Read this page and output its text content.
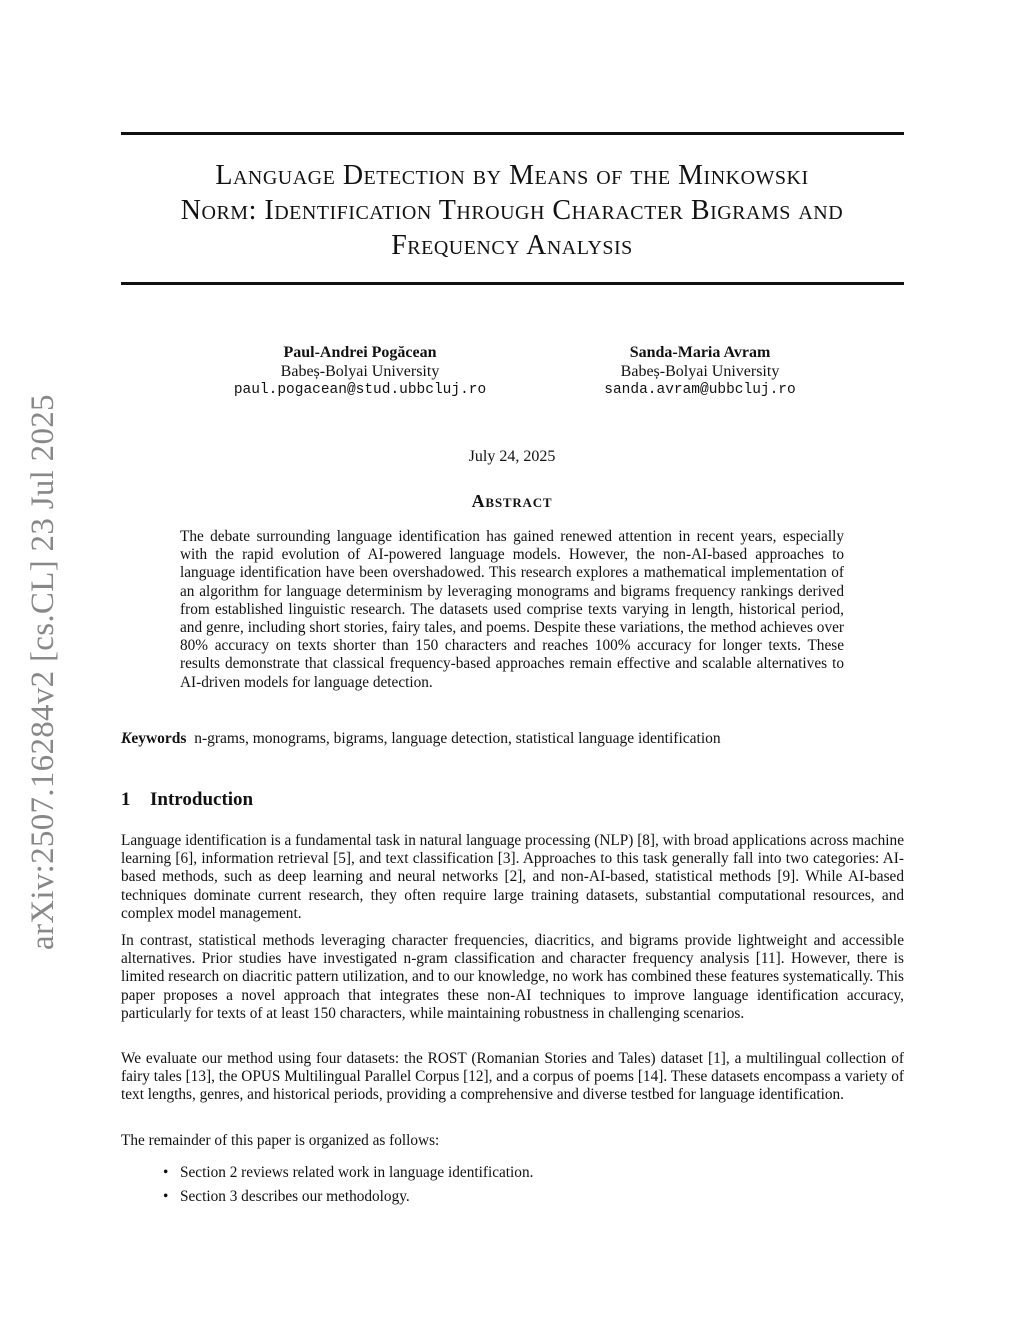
arXiv:2507.16284v2 [cs.CL] 23 Jul 2025
Language Detection by Means of the Minkowski
Norm: Identification Through Character Bigrams and
Frequency Analysis
Paul-Andrei Pogăcean
Babeș-Bolyai University
paul.pogacean@stud.ubbcluj.ro
Sanda-Maria Avram
Babeș-Bolyai University
sanda.avram@ubbcluj.ro
July 24, 2025
Abstract

The debate surrounding language identification has gained renewed attention in recent years, especially with the rapid evolution of AI-powered language models. However, the non-AI-based approaches to language identification have been overshadowed. This research explores a mathematical implementation of an algorithm for language determinism by leveraging monograms and bigrams frequency rankings derived from established linguistic research. The datasets used comprise texts varying in length, historical period, and genre, including short stories, fairy tales, and poems. Despite these variations, the method achieves over 80% accuracy on texts shorter than 150 characters and reaches 100% accuracy for longer texts. These results demonstrate that classical frequency-based approaches remain effective and scalable alternatives to AI-driven models for language detection.

Keywords n-grams, monograms, bigrams, language detection, statistical language identification
1 Introduction

Language identification is a fundamental task in natural language processing (NLP) [8], with broad applications across machine learning [6], information retrieval [5], and text classification [3]. Approaches to this task generally fall into two categories: AI-based methods, such as deep learning and neural networks [2], and non-AI-based, statistical methods [9]. While AI-based techniques dominate current research, they often require large training datasets, substantial computational resources, and complex model management.

In contrast, statistical methods leveraging character frequencies, diacritics, and bigrams provide lightweight and accessible alternatives. Prior studies have investigated n-gram classification and character frequency analysis [11]. However, there is limited research on diacritic pattern utilization, and to our knowledge, no work has combined these features systematically. This paper proposes a novel approach that integrates these non-AI techniques to improve language identification accuracy, particularly for texts of at least 150 characters, while maintaining robustness in challenging scenarios.

We evaluate our method using four datasets: the ROST (Romanian Stories and Tales) dataset [1], a multilingual collection of fairy tales [13], the OPUS Multilingual Parallel Corpus [12], and a corpus of poems [14]. These datasets encompass a variety of text lengths, genres, and historical periods, providing a comprehensive and diverse testbed for language identification.

The remainder of this paper is organized as follows:

• Section 2 reviews related work in language identification.
• Section 3 describes our methodology.
